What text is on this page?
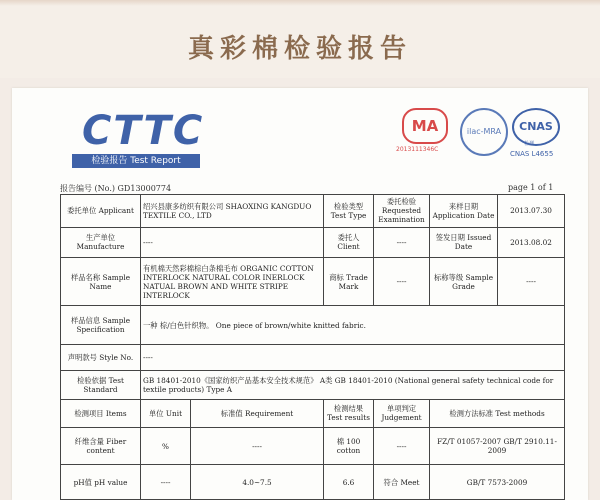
真彩棉检验报告
CTTC
检验报告 Test Report
MA
2013111346C
ilac-MRA	CNAS
检测
CNAS L4655
报告编号 (No.) GD13000774	page 1 of 1
委托单位 Applicant	绍兴县康多纺织有限公司 SHAOXING KANGDUO TEXTILE CO., LTD		检验类型 Test Type	委托检验 Requested Examination	来样日期 Application Date	2013.07.30
生产单位 Manufacture	----		委托人 Client	----	签发日期 Issued Date	2013.08.02
样品名称 Sample Name	有机棉天然彩棉棕白条棉毛布 ORGANIC COTTON INTERLOCK NATURAL COLOR INERLOCK NATUAL BROWN AND WHITE STRIPE INTERLOCK		商标 Trade Mark	----	标称等级 Sample Grade	----
样品信息 Sample Specification	一种 棕/白色针织物。 One piece of brown/white knitted fabric.					
声明款号 Style No.	----					
检验依据 Test Standard	GB 18401-2010《国家纺织产品基本安全技术规范》 A类 GB 18401-2010 (National general safety technical code for textile products) Type A					
检测项目 Items	单位 Unit	标准值 Requirement	检测结果 Test results	单项判定 Judgement	检测方法标准 Test methods	
纤维含量 Fiber content	%	----	棉 100 cotton	----	FZ/T 01057-2007 GB/T 2910.11-2009	
pH值 pH value	----	4.0~7.5	6.6	符合 Meet	GB/T 7573-2009	
